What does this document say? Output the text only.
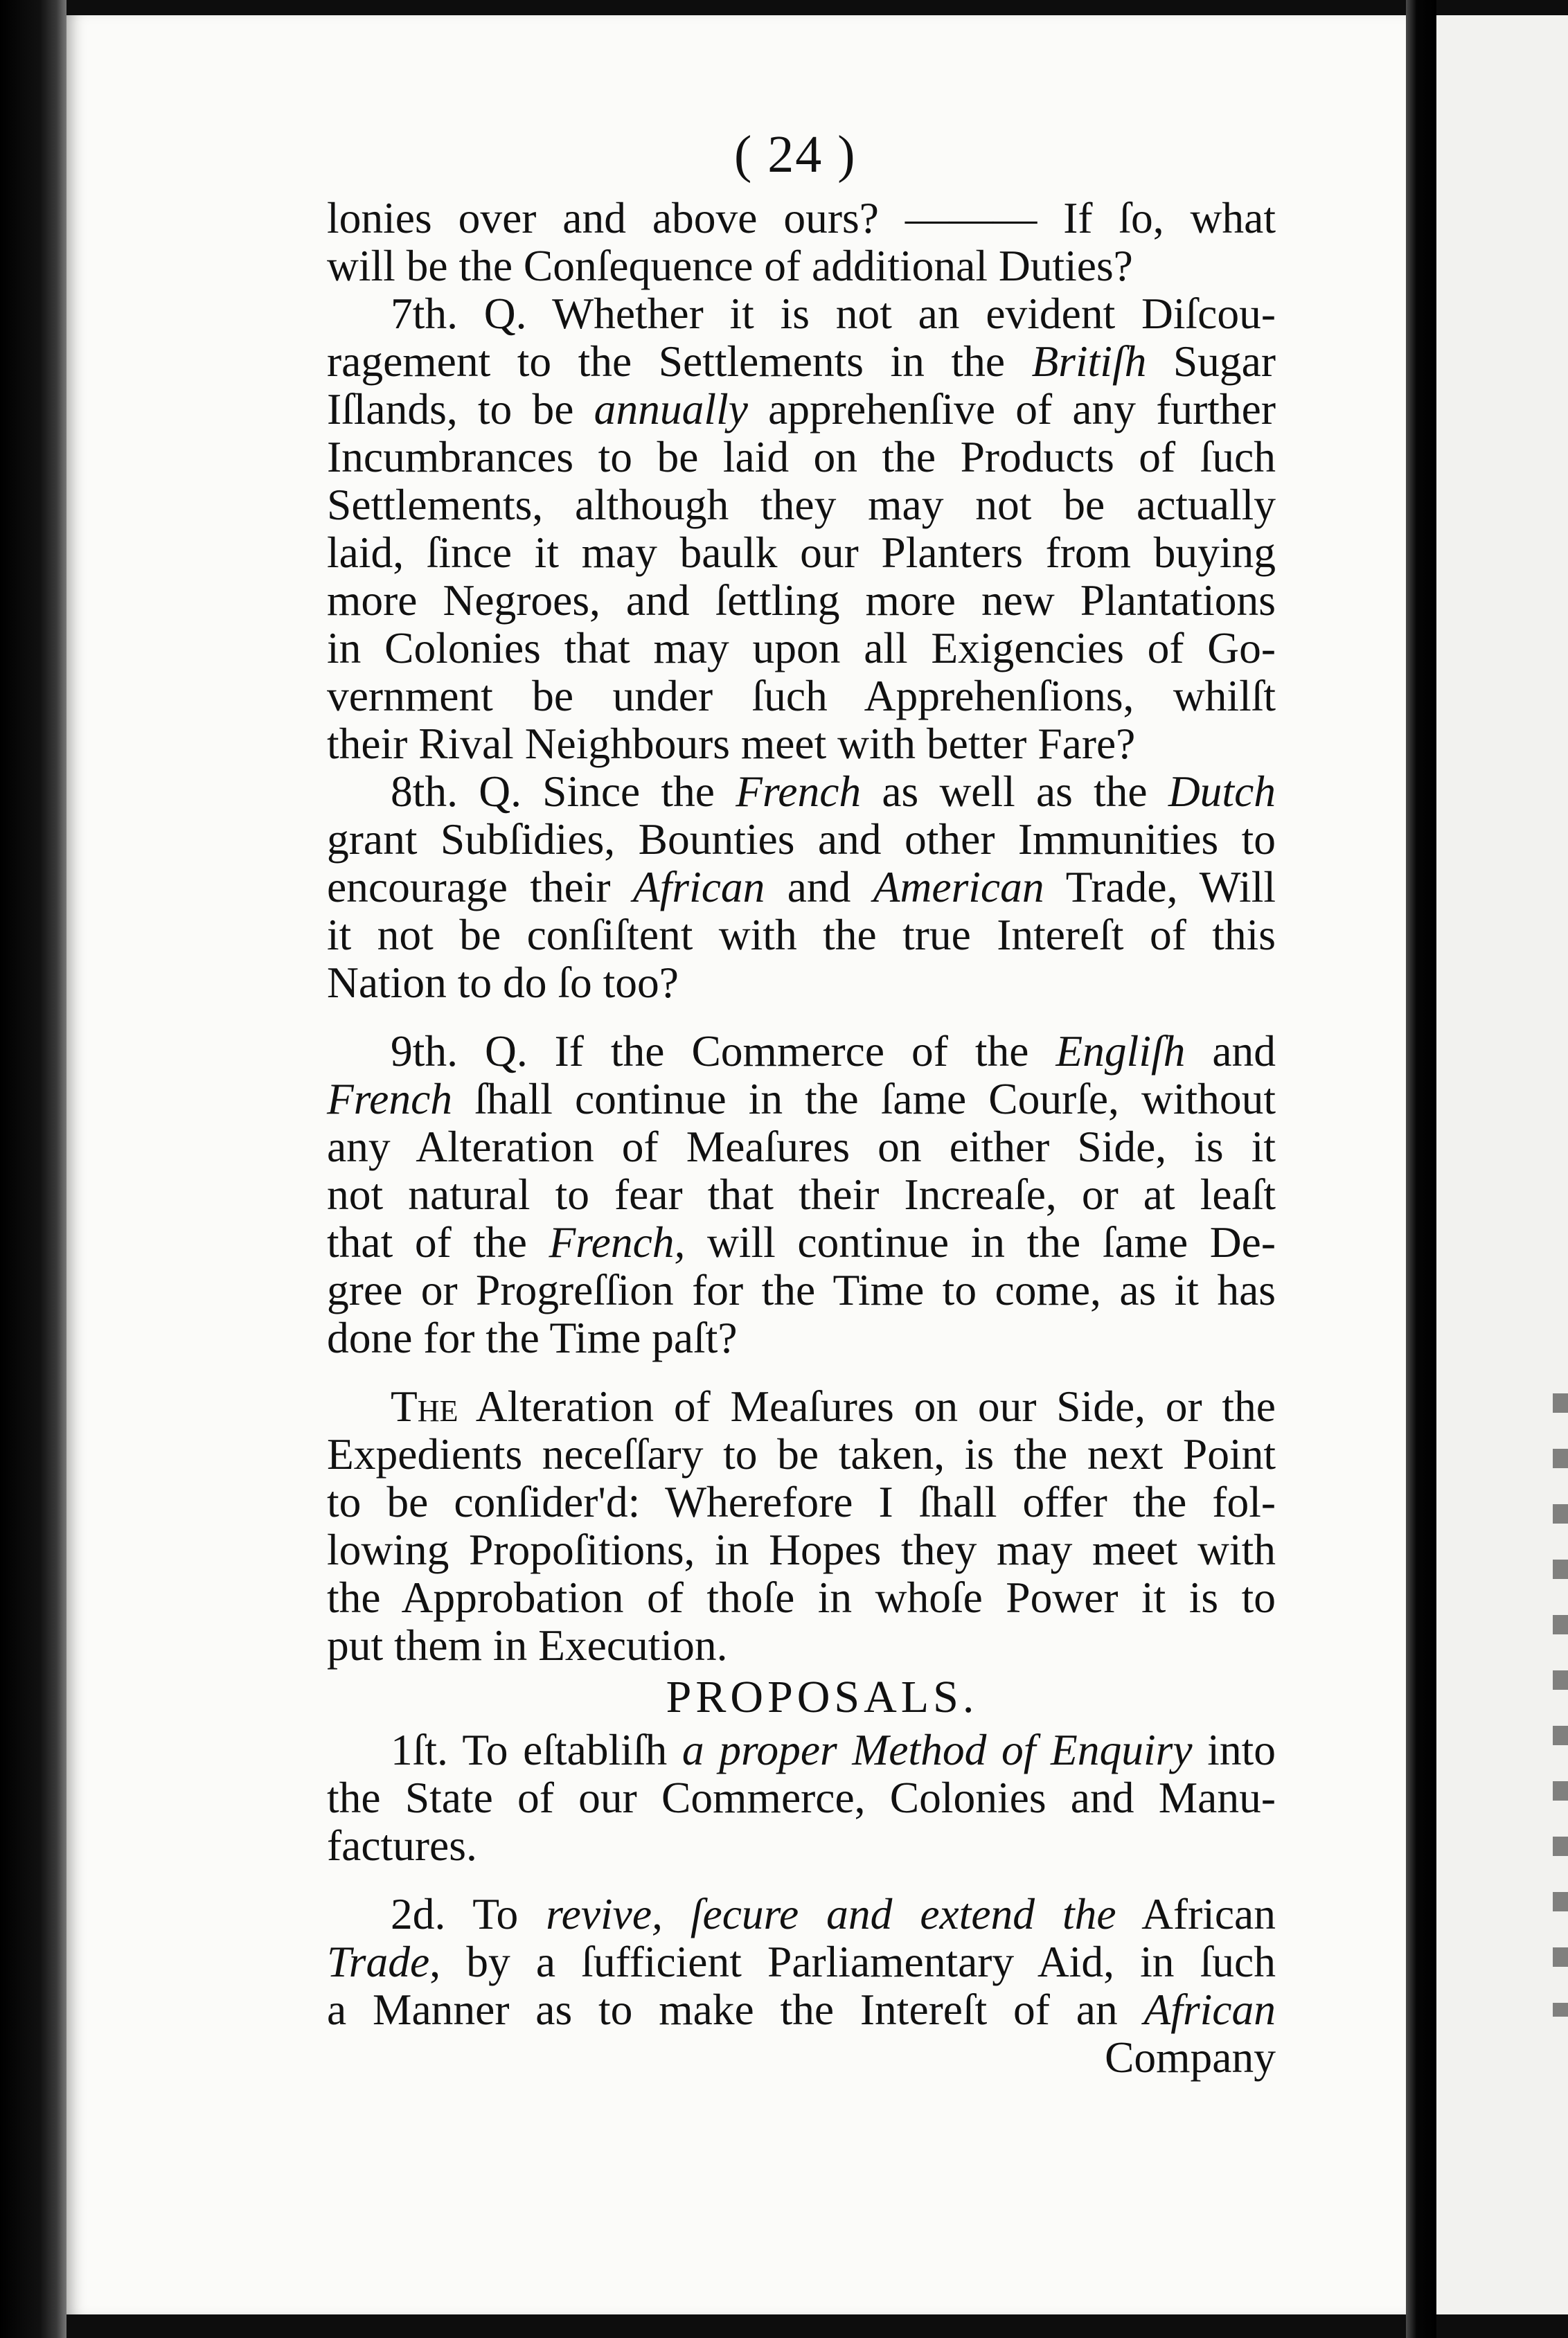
( 24 )
lonies over and above ours? ——— If ſo, what
will be the Conſequence of additional Duties?
7th. Q. Whether it is not an evident Diſcou-
ragement to the Settlements in the Britiſh Sugar
Iſlands, to be annually apprehenſive of any further
Incumbrances to be laid on the Products of ſuch
Settlements, although they may not be actually
laid, ſince it may baulk our Planters from buying
more Negroes, and ſettling more new Plantations
in Colonies that may upon all Exigencies of Go-
vernment be under ſuch Apprehenſions, whilſt
their Rival Neighbours meet with better Fare?
8th. Q. Since the French as well as the Dutch
grant Subſidies, Bounties and other Immunities to
encourage their African and American Trade, Will
it not be conſiſtent with the true Intereſt of this
Nation to do ſo too?
9th. Q. If the Commerce of the Engliſh and
French ſhall continue in the ſame Courſe, without
any Alteration of Meaſures on either Side, is it
not natural to fear that their Increaſe, or at leaſt
that of the French, will continue in the ſame De-
gree or Progreſſion for the Time to come, as it has
done for the Time paſt?
The Alteration of Meaſures on our Side, or the
Expedients neceſſary to be taken, is the next Point
to be conſider'd: Wherefore I ſhall offer the fol-
lowing Propoſitions, in Hopes they may meet with
the Approbation of thoſe in whoſe Power it is to
put them in Execution.
PROPOSALS.
1ſt. To eſtabliſh a proper Method of Enquiry into
the State of our Commerce, Colonies and Manu-
factures.
2d. To revive, ſecure and extend the African
Trade, by a ſufficient Parliamentary Aid, in ſuch
a Manner as to make the Intereſt of an African
Company
